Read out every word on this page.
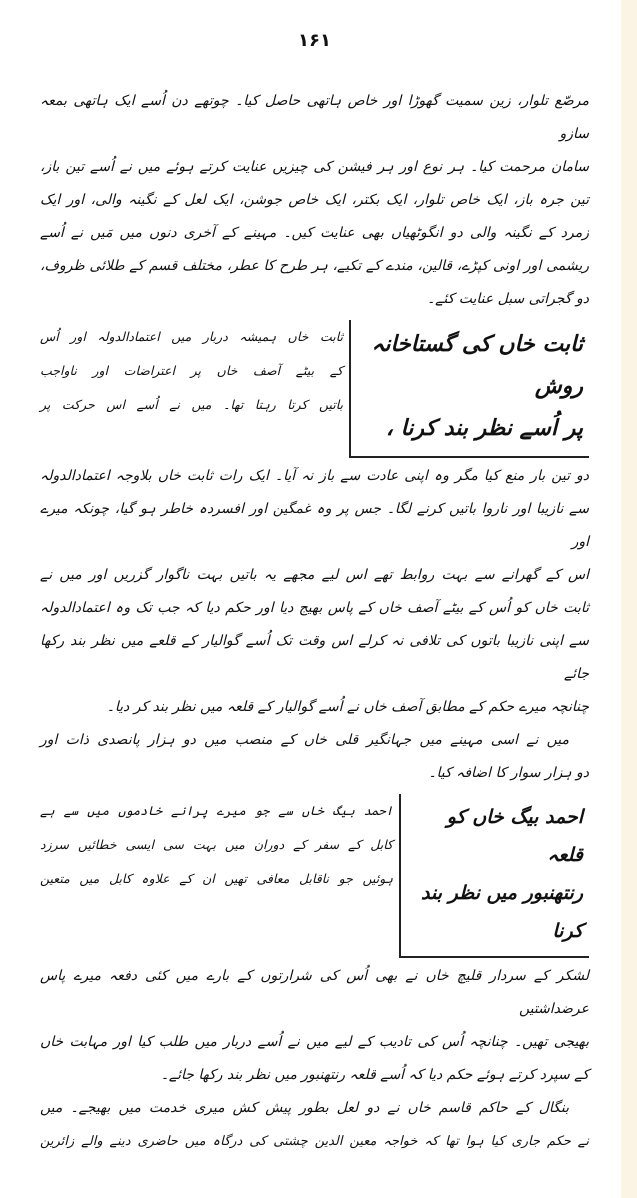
۱۶۱
مرصّع تلوار، زین سمیت گھوڑا اور خاص ہاتھی حاصل کیا۔ چوتھے دن اُسے ایک ہاتھی بمعہ سازو
سامان مرحمت کیا۔ ہر نوع اور ہر فیشن کی چیزیں عنایت کرتے ہوئے میں نے اُسے تین باز،
تین جرہ باز، ایک خاص تلوار، ایک بکتر، ایک خاص جوشن، ایک لعل کے نگینہ والی، اور ایک
زمرد کے نگینہ والی دو انگوٹھیاں بھی عنایت کیں۔ مہینے کے آخری دنوں میں مَیں نے اُسے
ریشمی اور اونی کپڑے، قالین، مندے کے تکیے، ہر طرح کا عطر، مختلف قسم کے طلائی ظروف،
دو گجراتی سبل عنایت کئے۔
ثابت خاں کی گستاخانہ روش
پر اُسے نظر بند کرنا ،
ثابت خاں ہمیشہ دربار میں اعتمادالدولہ اور اُس
کے بیٹے آصف خاں پر اعتراضات اور ناواجب
باتیں کرتا رہتا تھا۔ میں نے اُسے اس حرکت پر
دو تین بار منع کیا مگر وہ اپنی عادت سے باز نہ آیا۔ ایک رات ثابت خاں بلاوجہ اعتمادالدولہ
سے نازیبا اور ناروا باتیں کرنے لگا۔ جس پر وہ غمگین اور افسردہ خاطر ہو گیا، چونکہ میرے اور
اس کے گھرانے سے بہت روابط تھے اس لیے مجھے یہ باتیں بہت ناگوار گزریں اور میں نے
ثابت خاں کو اُس کے بیٹے آصف خاں کے پاس بھیج دیا اور حکم دیا کہ جب تک وہ اعتمادالدولہ
سے اپنی نازیبا باتوں کی تلافی نہ کرلے اس وقت تک اُسے گوالیار کے قلعے میں نظر بند رکھا جائے
چنانچہ میرے حکم کے مطابق آصف خاں نے اُسے گوالیار کے قلعہ میں نظر بند کر دیا۔
میں نے اسی مہینے میں جہانگیر قلی خاں کے منصب میں دو ہزار پانصدی ذات اور
دو ہزار سوار کا اضافہ کیا۔
احمد بیگ خاں کو قلعہ
رنتھنبور میں نظر بند کرنا
احمد بیگ خاں سے جو میرے پرانے خادموں میں سے ہے
کابل کے سفر کے دوران میں بہت سی ایسی خطائیں سرزد
ہوئیں جو ناقابل معافی تھیں ان کے علاوہ کابل میں متعین
لشکر کے سردار قلیچ خاں نے بھی اُس کی شرارتوں کے بارے میں کئی دفعہ میرے پاس عرضداشتیں
بھیجی تھیں۔ چنانچہ اُس کی تادیب کے لیے میں نے اُسے دربار میں طلب کیا اور مہابت خاں
کے سپرد کرتے ہوئے حکم دیا کہ اُسے قلعہ رنتھنبور میں نظر بند رکھا جائے۔
بنگال کے حاکم قاسم خاں نے دو لعل بطور پیش کش میری خدمت میں بھیجے۔ میں
نے حکم جاری کیا ہوا تھا کہ خواجہ معین الدین چشتی کی درگاہ میں حاضری دینے والے زائرین
